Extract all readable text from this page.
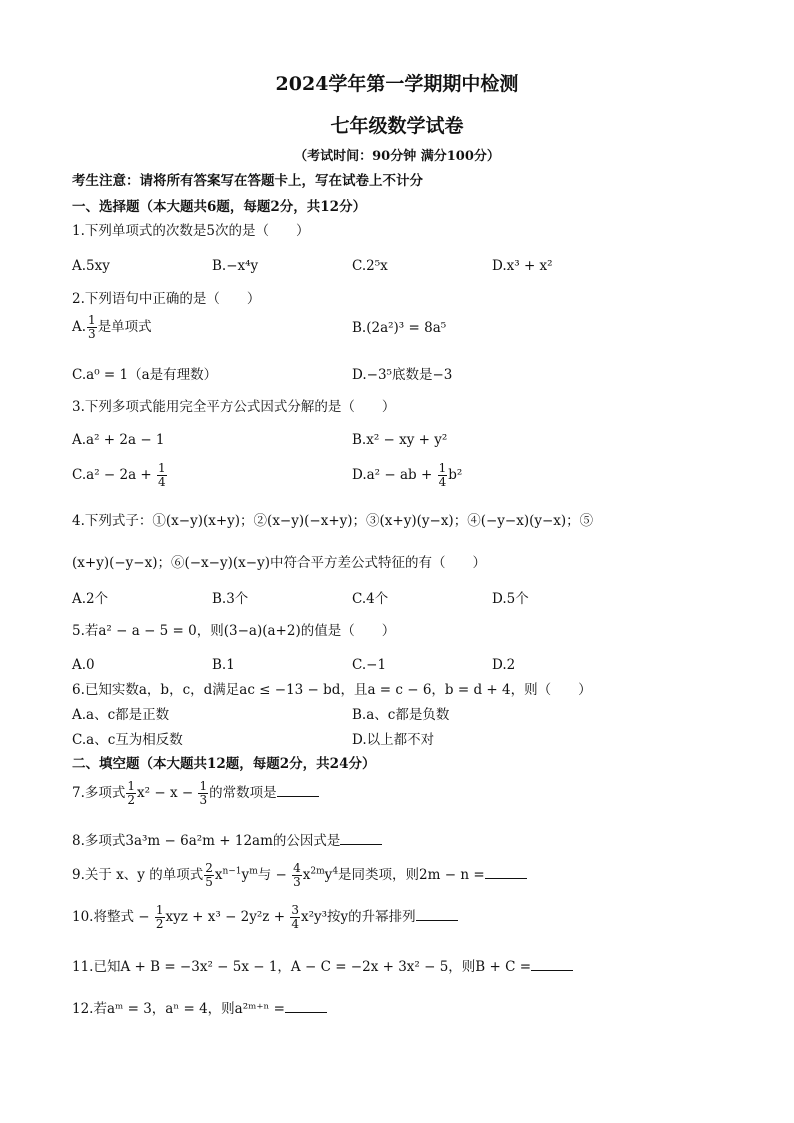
2024学年第一学期期中检测
七年级数学试卷
（考试时间：90分钟 满分100分）
考生注意：请将所有答案写在答题卡上，写在试卷上不计分
一、选择题（本大题共6题，每题2分，共12分）
1.下列单项式的次数是5次的是（　　）
A.5xy	B.−x⁴y	C.2⁵x	D.x³ + x²
2.下列语句中正确的是（　　）
A. $\frac{1}{3}$ 是单项式	B.(2a²)³ = 8a⁵
C.a⁰ = 1（a是有理数）	D.−3⁵底数是−3
3.下列多项式能用完全平方公式因式分解的是（　　）
A.a² + 2a − 1	B.x² − xy + y²
$C.a^2 - 2a + \frac{1}{4}$	D.a² − ab + $\frac{1}{4} b^2$
4.下列式子：①(x−y)(x+y)；②(x−y)(−x+y)；③(x+y)(y−x)；④(−y−x)(y−x)；⑤
(x+y)(−y−x)；⑥(−x−y)(x−y)中符合平方差公式特征的有（　　）
A.2个	B.3个	C.4个	D.5个
5.若a² − a − 5 = 0，则(3−a)(a+2)的值是（　　）
A.0	B.1	C.−1	D.2
6.已知实数a，b，c，d满足ac ≤ −13 − bd，且a = c − 6，b = d + 4，则（　　）
A.a、c都是正数	B.a、c都是负数
C.a、c互为相反数	D.以上都不对
二、填空题（本大题共12题，每题2分，共24分）
7.多项式 $\frac{1}{2} x^2 - x - \frac{1}{3}$ 的常数项是
8.多项式3a³m − 6a²m + 12am的公因式是
9.关于 x、y 的单项式 $\frac{2}{5} x^{n-1}y^m$与 − $\frac{4}{3} x^{2m}y^4$是同类项，则2m − n =
10.将整式 − $\frac{1}{2}$ xyz + $x^3 - 2y^2z + \frac{3}{4} x^2y^3$按y的升幂排列
11.已知A + B = −3x² − 5x − 1，A − C = −2x + 3x² − 5，则B + C =
12.若aᵐ = 3，aⁿ = 4，则a²ᵐ⁺ⁿ =
